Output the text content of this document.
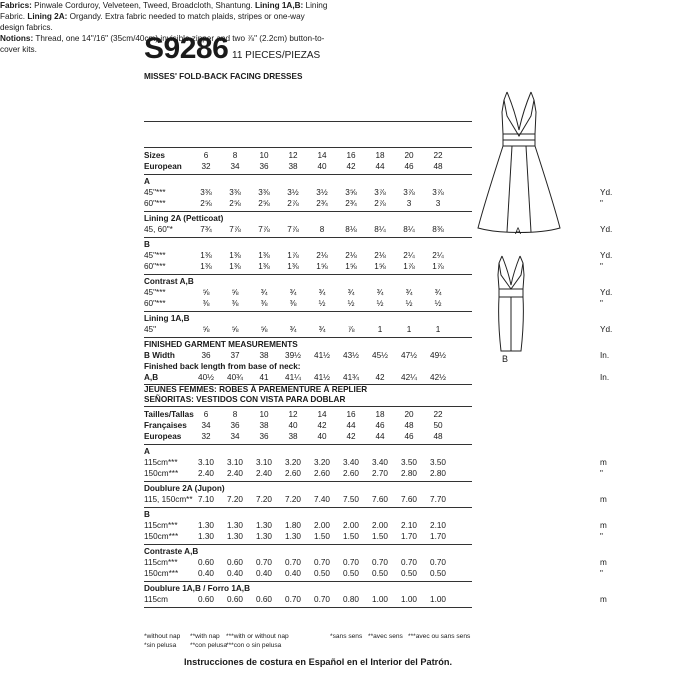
S9286 11 PIECES/PIEZAS
MISSES' FOLD-BACK FACING DRESSES
Fabrics: Pinwale Corduroy, Velveteen, Tweed, Broadcloth, Shantung. Lining 1A,B: Lining Fabric. Lining 2A: Organdy. Extra fabric needed to match plaids, stripes or one-way design fabrics.
Notions: Thread, one 14"/16" (35cm/40cm) invisible zipper and two ⅞" (2.2cm) button-to-cover kits.
Sizes	6	8	10	12	14	16	18	20	22
European	32	34	36	38	40	42	44	46	48
A
45"***	3⅜	3⅜	3⅜	3½	3½	3⅝	3⅞	3⅞	3⅞	Yd.
60"***	2⅝	2⅝	2⅝	2⅞	2¾	2¾	2⅞	3	3	"
Lining 2A (Petticoat)
45, 60"*	7¾	7⅞	7⅞	7⅞	8	8⅛	8¼	8¼	8⅜	Yd.
B
45"***	1⅜	1⅜	1⅜	1⅞	2⅛	2⅛	2⅛	2¼	2¼	Yd.
60"***	1⅜	1⅜	1⅜	1⅜	1⅝	1⅝	1⅝	1⅞	1⅞	"
Contrast A,B
45"***	⅝	⅝	¾	¾	¾	¾	¾	¾	¾	Yd.
60"***	⅜	⅜	⅜	⅜	½	½	½	½	½	"
Lining 1A,B
45"	⅝	⅝	⅝	¾	¾	⅞	1	1	1	Yd.
FINISHED GARMENT MEASUREMENTS
B Width	36	37	38	39½	41½	43½	45½	47½	49½	In.
Finished back length from base of neck:
A,B	40½	40¾	41	41¼	41½	41¾	42	42¼	42½	In.
JEUNES FEMMES: ROBES À PAREMENTURE À REPLIER
SEÑORITAS: VESTIDOS CON VISTA PARA DOBLAR
Tailles/Tallas	6	8	10	12	14	16	18	20	22
Françaises	34	36	38	40	42	44	46	48	50
Europeas	32	34	36	38	40	42	44	46	48
A
115cm***	3.10	3.10	3.10	3.20	3.20	3.40	3.40	3.50	3.50	m
150cm***	2.40	2.40	2.40	2.60	2.60	2.60	2.70	2.80	2.80	"
Doublure 2A (Jupon)
115, 150cm** 7.10	7.20	7.20	7.20	7.40	7.50	7.60	7.60	7.70	m
B
115cm***	1.30	1.30	1.30	1.80	2.00	2.00	2.00	2.10	2.10	m
150cm***	1.30	1.30	1.30	1.30	1.50	1.50	1.50	1.70	1.70	"
Contraste A,B
115cm***	0.60	0.60	0.70	0.70	0.70	0.70	0.70	0.70	0.70	m
150cm***	0.40	0.40	0.40	0.40	0.50	0.50	0.50	0.50	0.50	"
Doublure 1A,B / Forro 1A,B
115cm	0.60	0.60	0.60	0.70	0.70	0.80	1.00	1.00	1.00	m
*without nap **with nap ***with or without nap	*sans sens **avec sens ***avec ou sans sens
*sin pelusa **con pelusa
***con o sin pelusa
Instrucciones de costura en Español en el Interior del Patrón.
A
B
